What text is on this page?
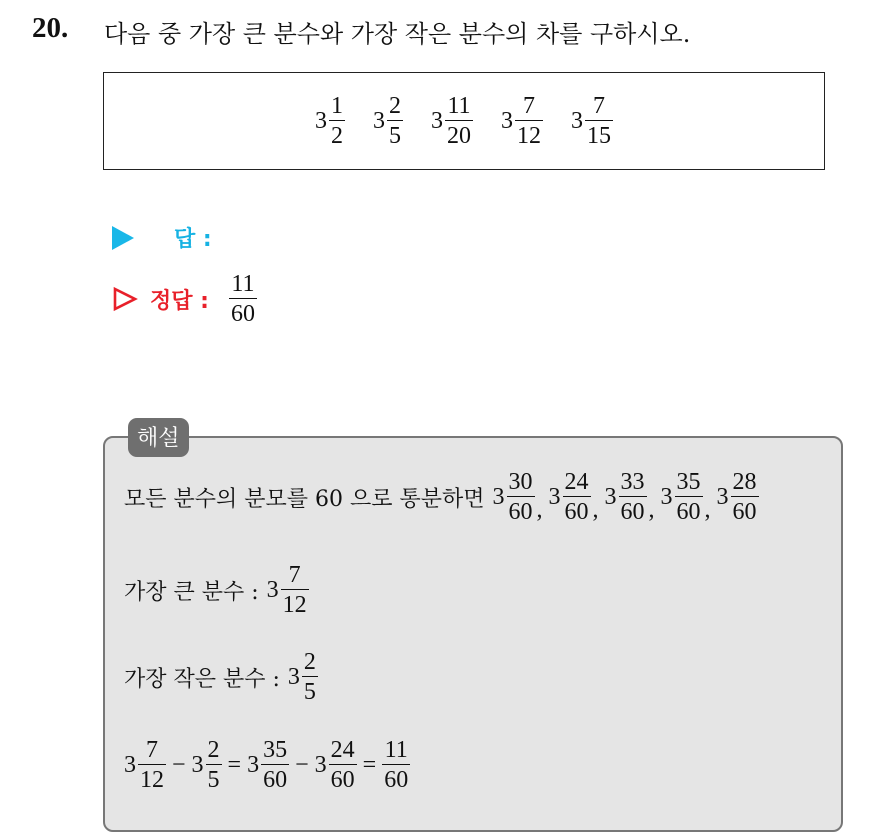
20. 다음 중 가장 큰 분수와 가장 작은 분수의 차를 구하시오.
$3 \frac{1}{2} 3 \frac{2}{5} 3 \frac{11}{20} 3 \frac{7}{12} 3 \frac{7}{15}$
답 :
정답 : $\frac{11}{60}$
해설
모든 분수의 분모를 60 으로 통분하면 $3 \frac{30}{60}$ ,
$3 \frac{24}{60}$ ,
$3 \frac{33}{60}$ ,
$3 \frac{35}{60}$ ,
$3 \frac{28}{60}$
가장 큰 분수 : $3 \frac{7}{12}$
가장 작은 분수 : $3 \frac{2}{5}$
$3 \frac{7}{12} - 3 \frac{2}{5} = 3 \frac{35}{60} - 3 \frac{24}{60} = \frac{11}{60}$
